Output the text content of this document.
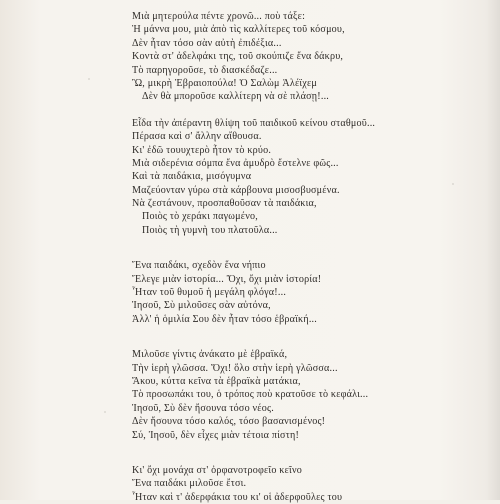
Μιὰ μητερούλα πέντε χρονῶ... ποὺ τάξε:

Ἡ μάννα μου, μιὰ ἀπὸ τὶς καλλίτερες τοῦ κόσμου,

Δὲν ἦταν τόσο σὰν αὐτὴ ἐπιδέξια...

Κοντὰ στ' ἀδελφάκι της, τοῦ σκούπιζε ἕνα δάκρυ,

Τὸ παρηγοροῦσε, τὸ διασκέδαζε...

Ὢ, μικρὴ Ἑβραιοπούλα! Ὁ Σαλὼμ Ἀλέϊχεμ

Δὲν θὰ μποροῦσε καλλίτερη νὰ σὲ πλάσῃ!...

Εἶδα τὴν ἀπέραντη θλίψη τοῦ παιδικοῦ κείνου σταθμοῦ...

Πέρασα καὶ σ' ἄλλην αἴθουσα.

Κι' ἐδῶ τουυχτερὸ ἦτον τὸ κρύο.

Μιὰ σιδερένια σόμπα ἕνα ἀμυδρὸ ἔστελνε φῶς...

Καὶ τὰ παιδάκια, μισόγυμνα

Μαζεύονταν γύρω στὰ κάρβουνα μισοσβυσμένα.

Νὰ ζεστάνουν, προσπαθοῦσαν τὰ παιδάκια,

Ποιὸς τὸ χεράκι παγωμένο,

Ποιὸς τὴ γυμνὴ του πλατοῦλα...

Ἕνα παιδάκι, σχεδὸν ἕνα νήπιο

Ἔλεγε μιὰν ἱστορία... Ὄχι, ὄχι μιὰν ἱστορία!

Ἦταν τοῦ θυμοῦ ἡ μεγάλη φλόγα!...

Ἰησοῦ, Σὺ μιλοῦσες σὰν αὐτόνα,

Ἀλλ' ἡ ὁμιλία Σου δὲν ἦταν τόσο ἑβραϊκή...

Μιλοῦσε γίντις ἀνάκατο μὲ ἑβραϊκά,

Τὴν ἱερὴ γλῶσσα. Ὄχι! ὅλο στὴν ἱερὴ γλῶσσα...

Ἄκου, κύττα κεῖνα τὰ ἑβραϊκὰ ματάκια,

Τὸ προσωπάκι του, ὁ τρόπος ποὺ κρατοῦσε τὸ κεφάλι...

Ἰησοῦ, Σὺ δὲν ἤσουνα τόσο νέος.

Δὲν ἤσουνα τόσο καλός, τόσο βασανισμένος!

Σύ, Ἰησοῦ, δὲν εἶχες μιὰν τέτοια πίστη!

Κι' ὄχι μονάχα στ' ὀρφανοτροφεῖο κεῖνο

Ἕνα παιδάκι μιλοῦσε ἔτσι.

Ἦταν καὶ τ' ἀδερφάκια του κι' οἱ ἀδερφοῦλες του
